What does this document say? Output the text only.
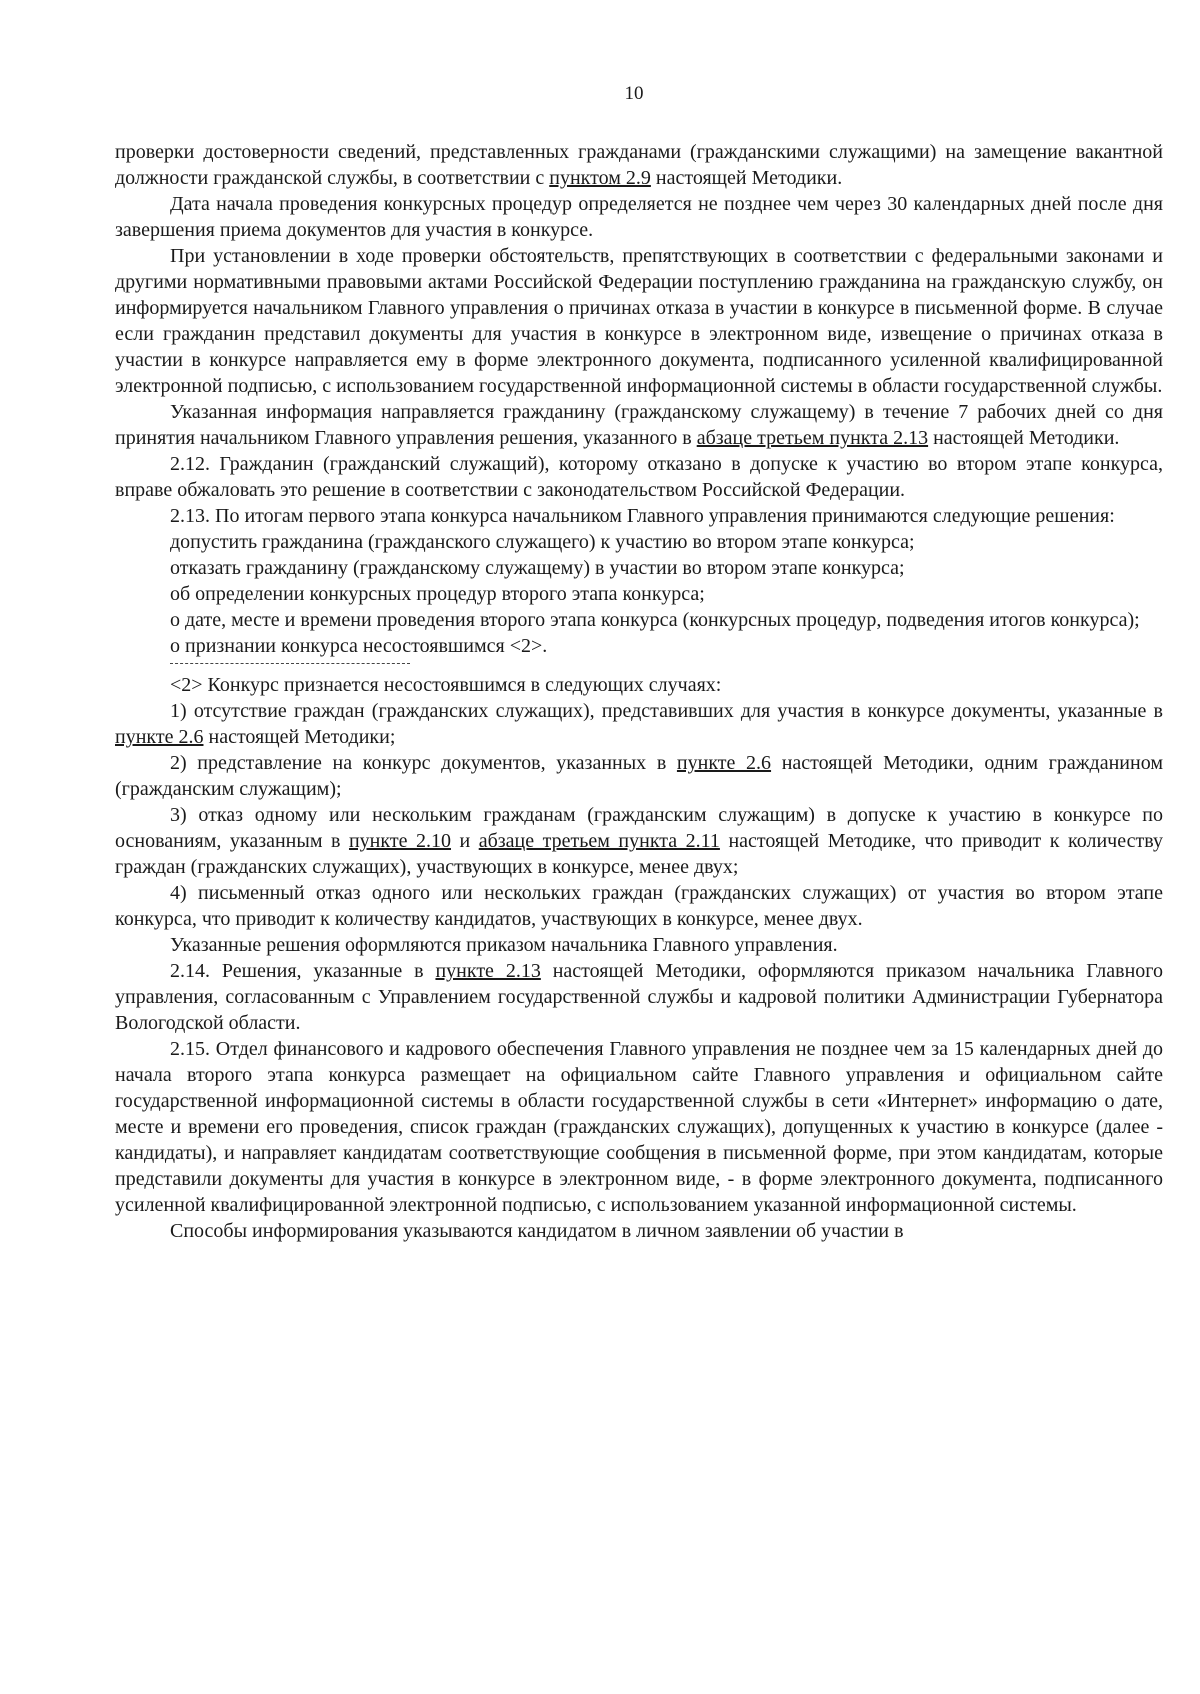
10

проверки достоверности сведений, представленных гражданами (гражданскими служащими) на замещение вакантной должности гражданской службы, в соответствии с пунктом 2.9 настоящей Методики.

Дата начала проведения конкурсных процедур определяется не позднее чем через 30 календарных дней после дня завершения приема документов для участия в конкурсе.

При установлении в ходе проверки обстоятельств, препятствующих в соответствии с федеральными законами и другими нормативными правовыми актами Российской Федерации поступлению гражданина на гражданскую службу, он информируется начальником Главного управления о причинах отказа в участии в конкурсе в письменной форме. В случае если гражданин представил документы для участия в конкурсе в электронном виде, извещение о причинах отказа в участии в конкурсе направляется ему в форме электронного документа, подписанного усиленной квалифицированной электронной подписью, с использованием государственной информационной системы в области государственной службы.

Указанная информация направляется гражданину (гражданскому служащему) в течение 7 рабочих дней со дня принятия начальником Главного управления решения, указанного в абзаце третьем пункта 2.13 настоящей Методики.

2.12. Гражданин (гражданский служащий), которому отказано в допуске к участию во втором этапе конкурса, вправе обжаловать это решение в соответствии с законодательством Российской Федерации.

2.13. По итогам первого этапа конкурса начальником Главного управления принимаются следующие решения:

допустить гражданина (гражданского служащего) к участию во втором этапе конкурса;

отказать гражданину (гражданскому служащему) в участии во втором этапе конкурса;

об определении конкурсных процедур второго этапа конкурса;

о дате, месте и времени проведения второго этапа конкурса (конкурсных процедур, подведения итогов конкурса);

о признании конкурса несостоявшимся <2>.

<2> Конкурс признается несостоявшимся в следующих случаях:

1) отсутствие граждан (гражданских служащих), представивших для участия в конкурсе документы, указанные в пункте 2.6 настоящей Методики;

2) представление на конкурс документов, указанных в пункте 2.6 настоящей Методики, одним гражданином (гражданским служащим);

3) отказ одному или нескольким гражданам (гражданским служащим) в допуске к участию в конкурсе по основаниям, указанным в пункте 2.10 и абзаце третьем пункта 2.11 настоящей Методике, что приводит к количеству граждан (гражданских служащих), участвующих в конкурсе, менее двух;

4) письменный отказ одного или нескольких граждан (гражданских служащих) от участия во втором этапе конкурса, что приводит к количеству кандидатов, участвующих в конкурсе, менее двух.

Указанные решения оформляются приказом начальника Главного управления.

2.14. Решения, указанные в пункте 2.13 настоящей Методики, оформляются приказом начальника Главного управления, согласованным с Управлением государственной службы и кадровой политики Администрации Губернатора Вологодской области.

2.15. Отдел финансового и кадрового обеспечения Главного управления не позднее чем за 15 календарных дней до начала второго этапа конкурса размещает на официальном сайте Главного управления и официальном сайте государственной информационной системы в области государственной службы в сети «Интернет» информацию о дате, месте и времени его проведения, список граждан (гражданских служащих), допущенных к участию в конкурсе (далее - кандидаты), и направляет кандидатам соответствующие сообщения в письменной форме, при этом кандидатам, которые представили документы для участия в конкурсе в электронном виде, - в форме электронного документа, подписанного усиленной квалифицированной электронной подписью, с использованием указанной информационной системы.

Способы информирования указываются кандидатом в личном заявлении об участии в
